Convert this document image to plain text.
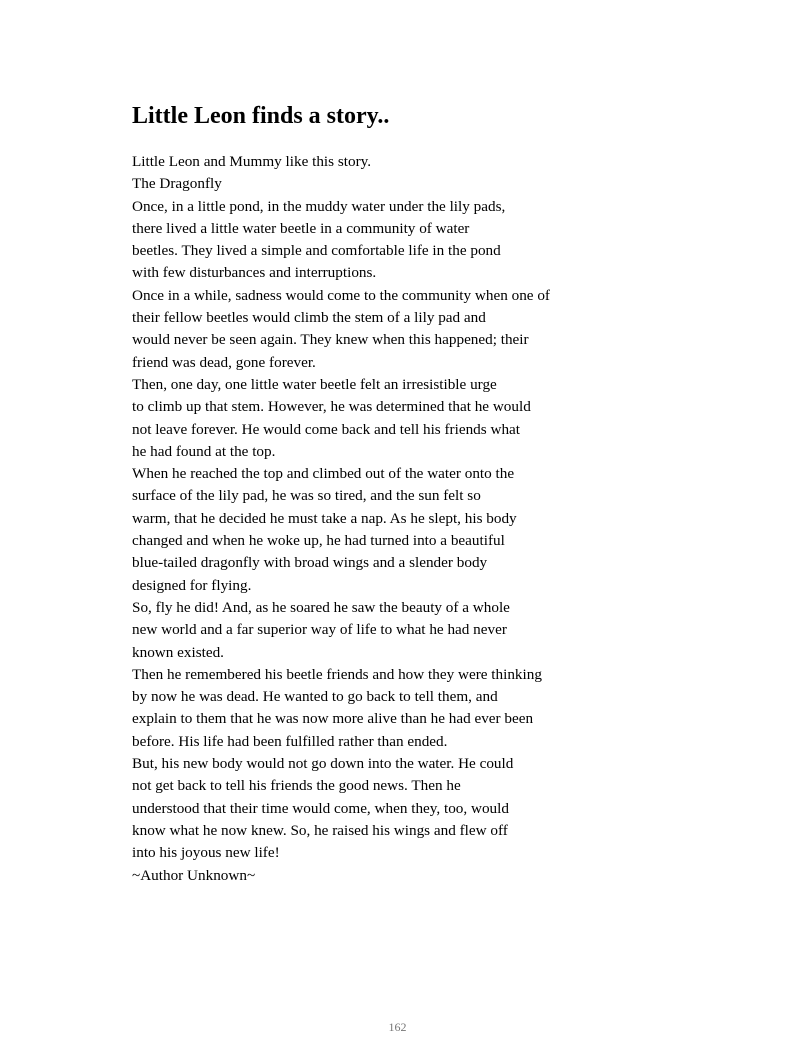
Little Leon finds a story..
Little Leon and Mummy like this story.
The Dragonfly
Once, in a little pond, in the muddy water under the lily pads,
there lived a little water beetle in a community of water
beetles. They lived a simple and comfortable life in the pond
with few disturbances and interruptions.
Once in a while, sadness would come to the community when one of
their fellow beetles would climb the stem of a lily pad and
would never be seen again. They knew when this happened; their
friend was dead, gone forever.
Then, one day, one little water beetle felt an irresistible urge
to climb up that stem. However, he was determined that he would
not leave forever. He would come back and tell his friends what
he had found at the top.
When he reached the top and climbed out of the water onto the
surface of the lily pad, he was so tired, and the sun felt so
warm, that he decided he must take a nap. As he slept, his body
changed and when he woke up, he had turned into a beautiful
blue-tailed dragonfly with broad wings and a slender body
designed for flying.
So, fly he did! And, as he soared he saw the beauty of a whole
new world and a far superior way of life to what he had never
known existed.
Then he remembered his beetle friends and how they were thinking
by now he was dead. He wanted to go back to tell them, and
explain to them that he was now more alive than he had ever been
before. His life had been fulfilled rather than ended.
But, his new body would not go down into the water. He could
not get back to tell his friends the good news. Then he
understood that their time would come, when they, too, would
know what he now knew. So, he raised his wings and flew off
into his joyous new life!
~Author Unknown~
162
